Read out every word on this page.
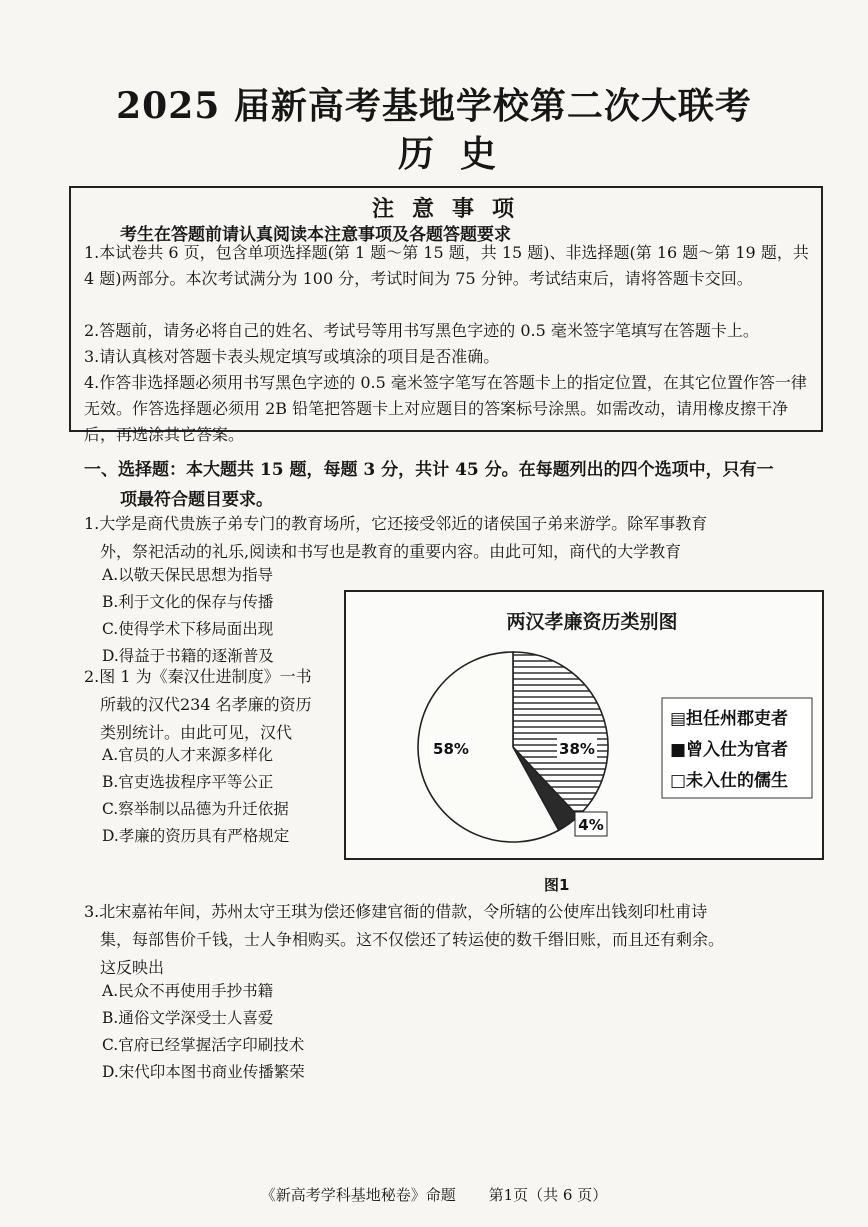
2025 届新高考基地学校第二次大联考
历史
注意事项
考生在答题前请认真阅读本注意事项及各题答题要求
1.本试卷共 6 页，包含单项选择题(第 1 题～第 15 题，共 15 题)、非选择题(第 16 题～第 19 题，共 4 题)两部分。本次考试满分为 100 分，考试时间为 75 分钟。考试结束后，请将答题卡交回。
2.答题前，请务必将自己的姓名、考试号等用书写黑色字迹的 0.5 毫米签字笔填写在答题卡上。
3.请认真核对答题卡表头规定填写或填涂的项目是否准确。
4.作答非选择题必须用书写黑色字迹的 0.5 毫米签字笔写在答题卡上的指定位置，在其它位置作答一律无效。作答选择题必须用 2B 铅笔把答题卡上对应题目的答案标号涂黑。如需改动，请用橡皮擦干净后，再选涂其它答案。
一、选择题：本大题共 15 题，每题 3 分，共计 45 分。在每题列出的四个选项中，只有一
项最符合题目要求。
1.大学是商代贵族子弟专门的教育场所，它还接受邻近的诸侯国子弟来游学。除军事教育
外，祭祀活动的礼乐,阅读和书写也是教育的重要内容。由此可知，商代的大学教育
A.以敬天保民思想为指导
B.利于文化的保存与传播
C.使得学术下移局面出现
D.得益于书籍的逐渐普及
2.图 1 为《秦汉仕进制度》一书
所载的汉代234 名孝廉的资历
类别统计。由此可见，汉代
A.官员的人才来源多样化
B.官吏选拔程序平等公正
C.察举制以品德为升迁依据
D.孝廉的资历具有严格规定
两汉孝廉资历类别图
38%
4%
58%
▤担任州郡吏者
■曾入仕为官者
□未入仕的儒生
图1
3.北宋嘉祐年间，苏州太守王琪为偿还修建官衙的借款，令所辖的公使库出钱刻印杜甫诗
集，每部售价千钱，士人争相购买。这不仅偿还了转运使的数千缗旧账，而且还有剩余。
这反映出
A.民众不再使用手抄书籍
B.通俗文学深受士人喜爱
C.官府已经掌握活字印刷技术
D.宋代印本图书商业传播繁荣
《新高考学科基地秘卷》命题 第1页（共 6 页）
